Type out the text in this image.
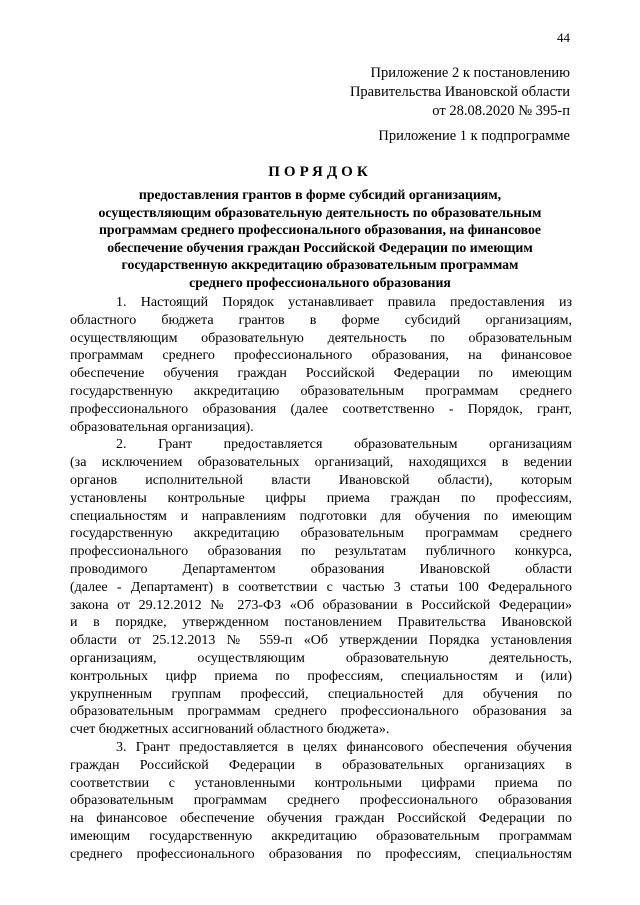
44
Приложение 2 к постановлению
Правительства Ивановской области
от 28.08.2020 № 395-п
Приложение 1 к подпрограмме
ПОРЯДОК
предоставления грантов в форме субсидий организациям,
осуществляющим образовательную деятельность по образовательным
программам среднего профессионального образования, на финансовое
обеспечение обучения граждан Российской Федерации по имеющим
государственную аккредитацию образовательным программам
среднего профессионального образования
1. Настоящий Порядок устанавливает правила предоставления из
областного бюджета грантов в форме субсидий организациям,
осуществляющим образовательную деятельность по образовательным
программам среднего профессионального образования, на финансовое
обеспечение обучения граждан Российской Федерации по имеющим
государственную аккредитацию образовательным программам среднего
профессионального образования (далее соответственно - Порядок, грант,
образовательная организация).
2. Грант предоставляется образовательным организациям
(за исключением образовательных организаций, находящихся в ведении
органов исполнительной власти Ивановской области), которым
установлены контрольные цифры приема граждан по профессиям,
специальностям и направлениям подготовки для обучения по имеющим
государственную аккредитацию образовательным программам среднего
профессионального образования по результатам публичного конкурса,
проводимого Департаментом образования Ивановской области
(далее - Департамент) в соответствии с частью 3 статьи 100 Федерального
закона от 29.12.2012 № 273-ФЗ «Об образовании в Российской Федерации»
и в порядке, утвержденном постановлением Правительства Ивановской
области от 25.12.2013 № 559-п «Об утверждении Порядка установления
организациям, осуществляющим образовательную деятельность,
контрольных цифр приема по профессиям, специальностям и (или)
укрупненным группам профессий, специальностей для обучения по
образовательным программам среднего профессионального образования за
счет бюджетных ассигнований областного бюджета».
3. Грант предоставляется в целях финансового обеспечения обучения
граждан Российской Федерации в образовательных организациях в
соответствии с установленными контрольными цифрами приема по
образовательным программам среднего профессионального образования
на финансовое обеспечение обучения граждан Российской Федерации по
имеющим государственную аккредитацию образовательным программам
среднего профессионального образования по профессиям, специальностям
